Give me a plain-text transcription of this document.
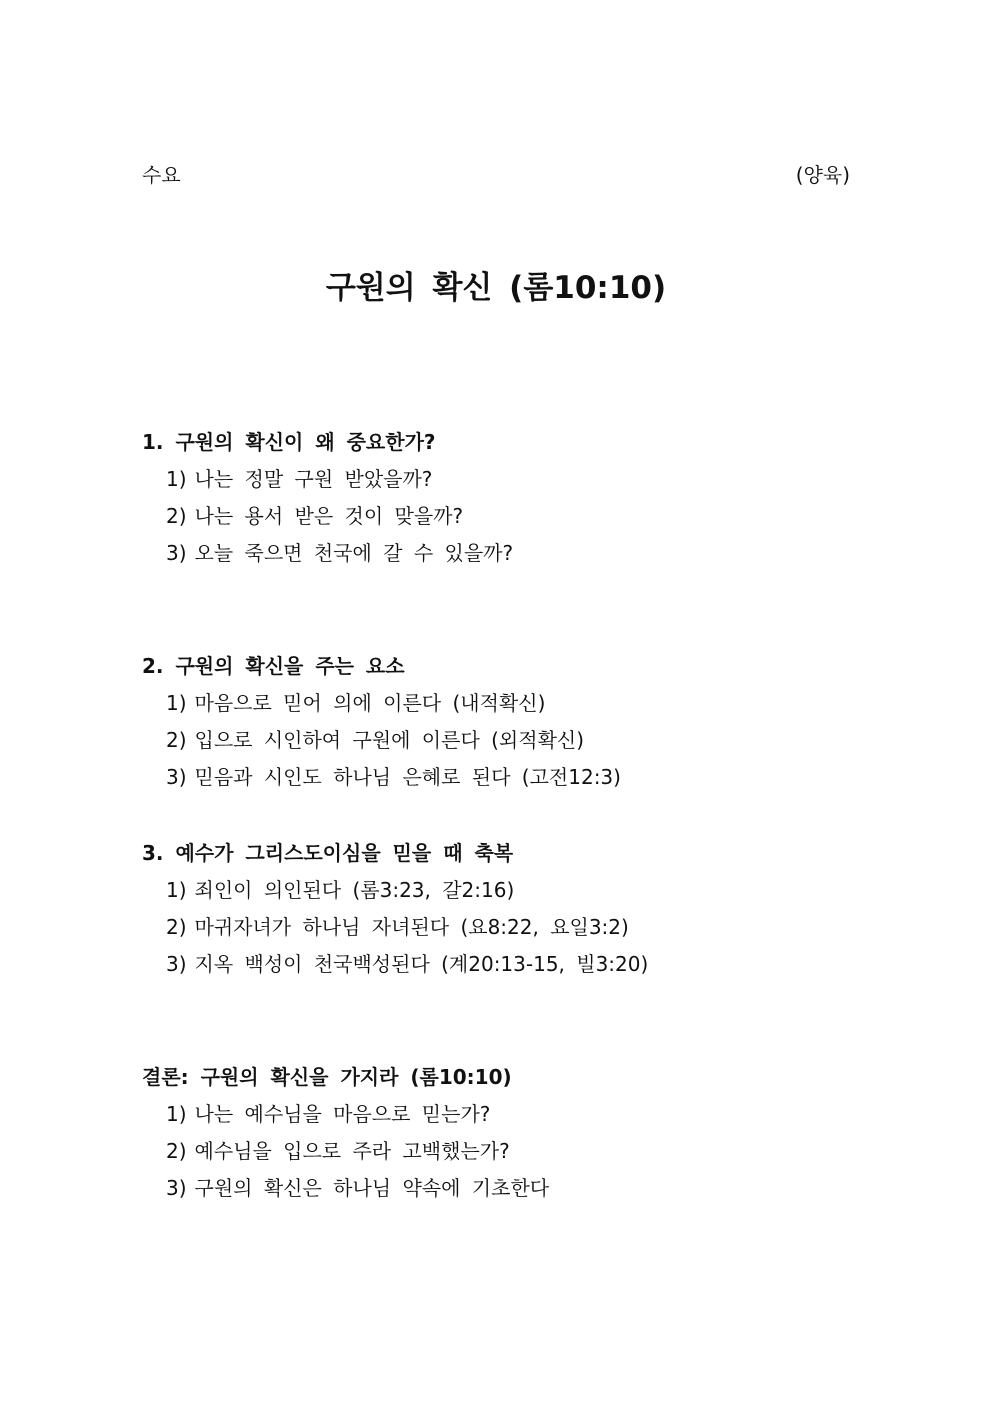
수요	(양육)
구원의 확신 (롬10:10)
1. 구원의 확신이 왜 중요한가?
1) 나는 정말 구원 받았을까?
2) 나는 용서 받은 것이 맞을까?
3) 오늘 죽으면 천국에 갈 수 있을까?
2. 구원의 확신을 주는 요소
1) 마음으로 믿어 의에 이른다 (내적확신)
2) 입으로 시인하여 구원에 이른다 (외적확신)
3) 믿음과 시인도 하나님 은혜로 된다 (고전12:3)
3. 예수가 그리스도이심을 믿을 때 축복
1) 죄인이 의인된다 (롬3:23, 갈2:16)
2) 마귀자녀가 하나님 자녀된다 (요8:22, 요일3:2)
3) 지옥 백성이 천국백성된다 (계20:13-15, 빌3:20)
결론: 구원의 확신을 가지라 (롬10:10)
1) 나는 예수님을 마음으로 믿는가?
2) 예수님을 입으로 주라 고백했는가?
3) 구원의 확신은 하나님 약속에 기초한다
